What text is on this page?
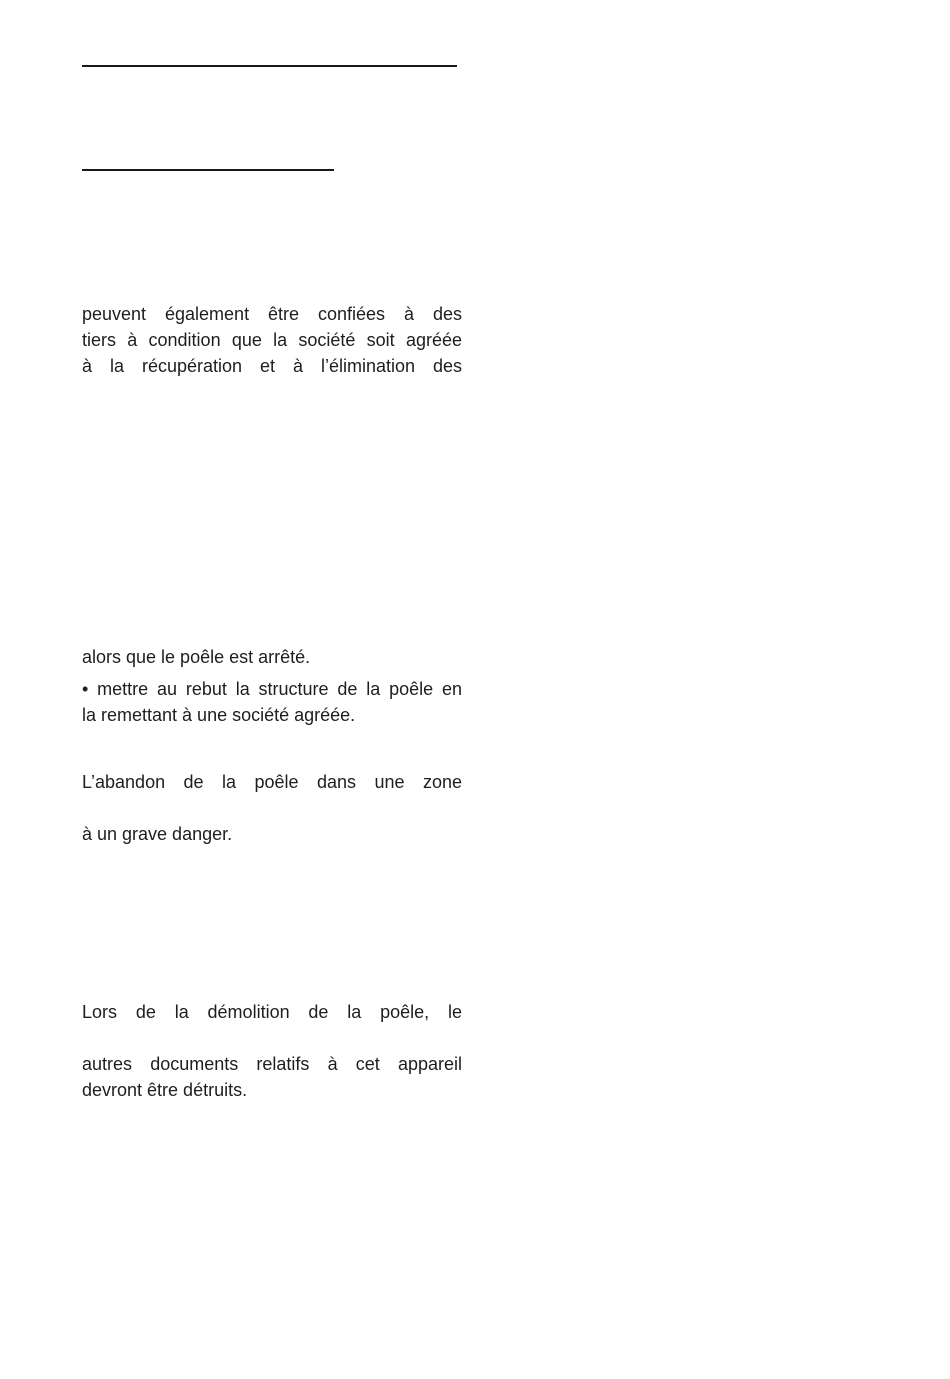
peuvent également être confiées à des
tiers à condition que la société soit agréée
à la récupération et à l’élimination des
alors que le poêle est arrêté.
• mettre au rebut la structure de la poêle en
la remettant à une société agréée.
L’abandon de la poêle dans une zone
à un grave danger.
Lors de la démolition de la poêle, le
autres documents relatifs à cet appareil
devront être détruits.
